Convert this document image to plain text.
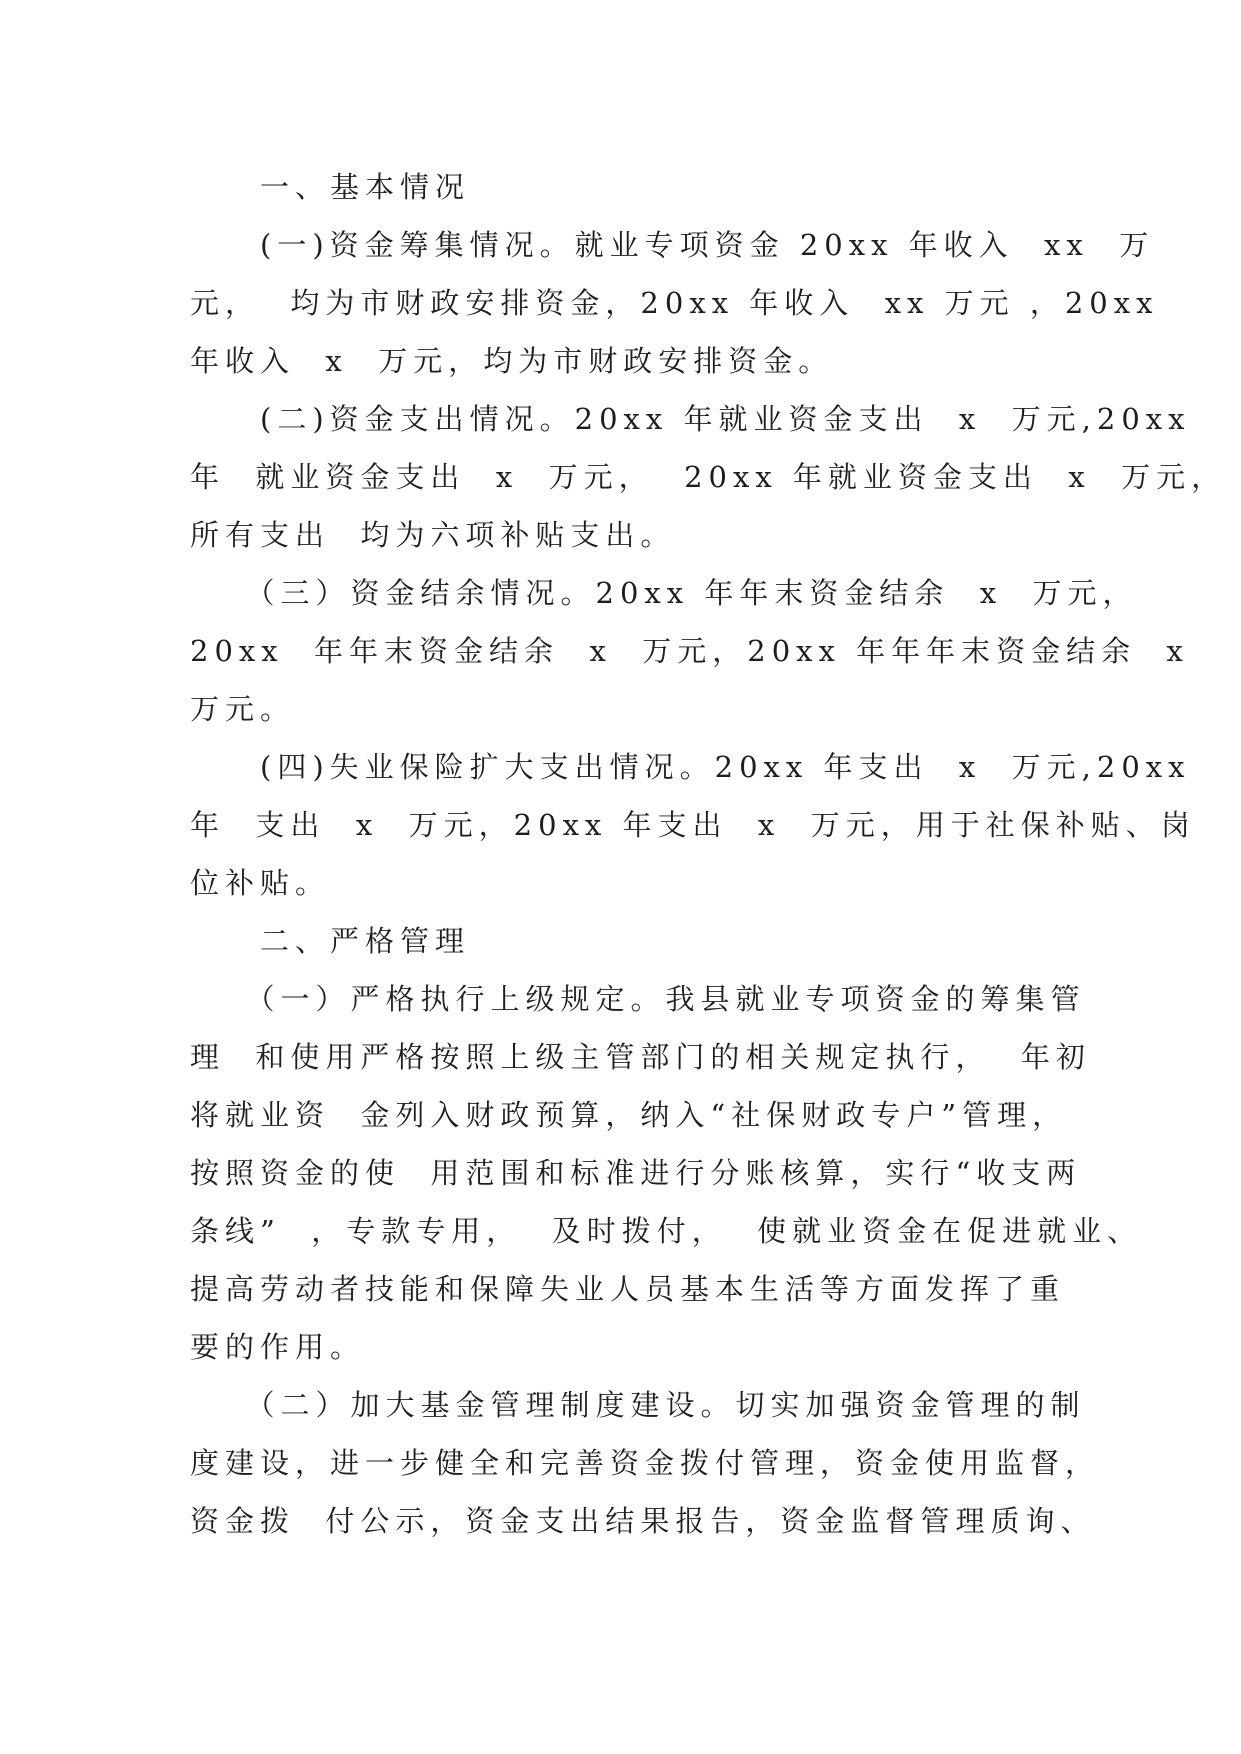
　　一、基本情况
　　(一)资金筹集情况。就业专项资金 20xx 年收入  xx  万
元，  均为市财政安排资金，20xx 年收入  xx 万元 ，20xx
年收入  x  万元，均为市财政安排资金。
　　(二)资金支出情况。20xx 年就业资金支出  x  万元,20xx
年  就业资金支出  x  万元，  20xx 年就业资金支出  x  万元，
所有支出  均为六项补贴支出。
　　（三）资金结余情况。20xx 年年末资金结余  x  万元，
20xx  年年末资金结余  x  万元，20xx 年年年末资金结余  x
万元。
　　(四)失业保险扩大支出情况。20xx 年支出  x  万元,20xx
年  支出  x  万元，20xx 年支出  x  万元，用于社保补贴、岗
位补贴。
　　二、严格管理
　　（一）严格执行上级规定。我县就业专项资金的筹集管
理  和使用严格按照上级主管部门的相关规定执行，  年初
将就业资  金列入财政预算，纳入“社保财政专户”管理，
按照资金的使  用范围和标准进行分账核算，实行“收支两
条线”  ，专款专用，  及时拨付，  使就业资金在促进就业、
提高劳动者技能和保障失业人员基本生活等方面发挥了重
要的作用。
　　（二）加大基金管理制度建设。切实加强资金管理的制
度建设，进一步健全和完善资金拨付管理，资金使用监督，
资金拨  付公示，资金支出结果报告，资金监督管理质询、
